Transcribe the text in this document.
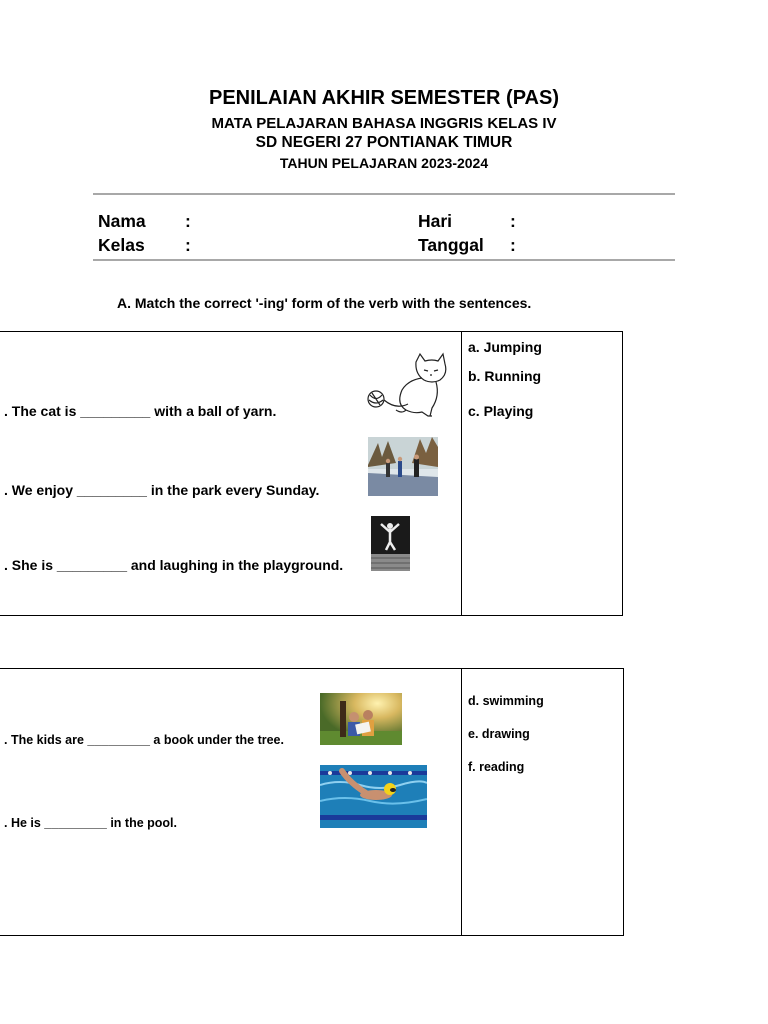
PENILAIAN AKHIR SEMESTER (PAS)
MATA PELAJARAN BAHASA INGGRIS KELAS IV
SD NEGERI 27 PONTIANAK TIMUR
TAHUN PELAJARAN 2023-2024
Nama :
Kelas :
Hari	:
Tanggal :
A. Match the correct '-ing' form of the verb with the sentences.
. The cat is _________ with a ball of yarn.
. We enjoy _________ in the park every Sunday.
. She is _________ and laughing in the playground.
a. Jumping
b. Running
c. Playing
. The kids are _________ a book under the tree.
. He is _________ in the pool.
d. swimming
e. drawing
f. reading
